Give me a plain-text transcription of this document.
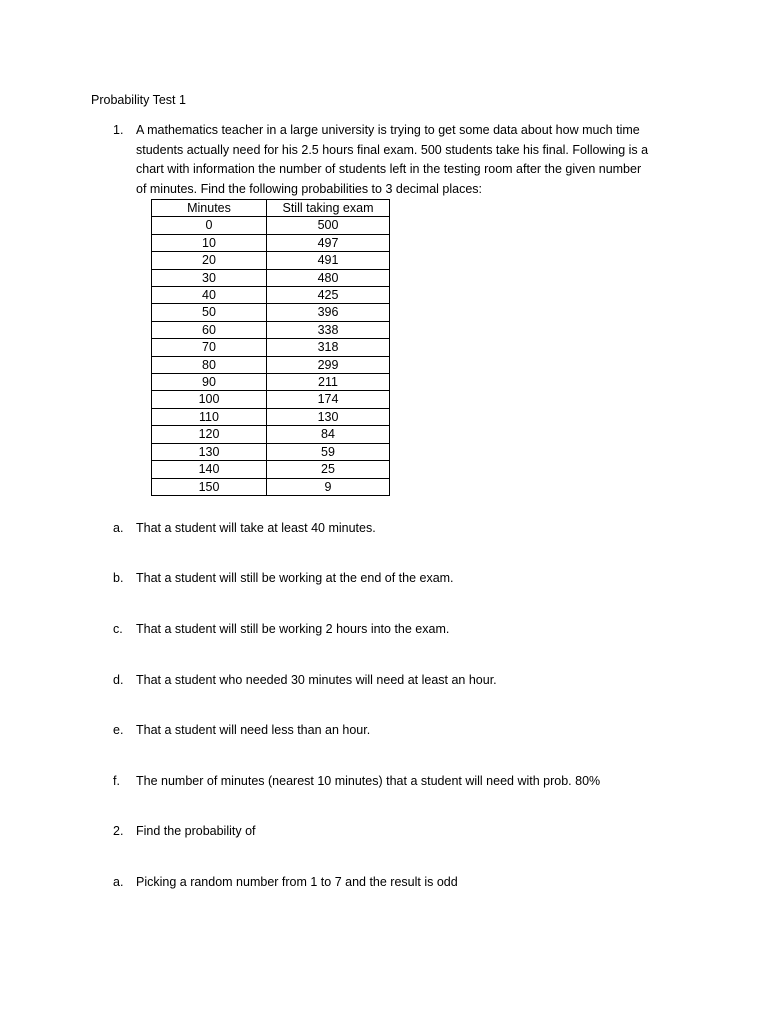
Probability Test 1
1. A mathematics teacher in a large university is trying to get some data about how much time
students actually need for his 2.5 hours final exam. 500 students take his final. Following is a
chart with information the number of students left in the testing room after the given number
of minutes. Find the following probabilities to 3 decimal places:
Minutes	Still taking exam
0	500
10	497
20	491
30	480
40	425
50	396
60	338
70	318
80	299
90	211
100	174
110	130
120	84
130	59
140	25
150	9
a. That a student will take at least 40 minutes.
b. That a student will still be working at the end of the exam.
c. That a student will still be working 2 hours into the exam.
d. That a student who needed 30 minutes will need at least an hour.
e. That a student will need less than an hour.
f. The number of minutes (nearest 10 minutes) that a student will need with prob. 80%
2. Find the probability of
a. Picking a random number from 1 to 7 and the result is odd
